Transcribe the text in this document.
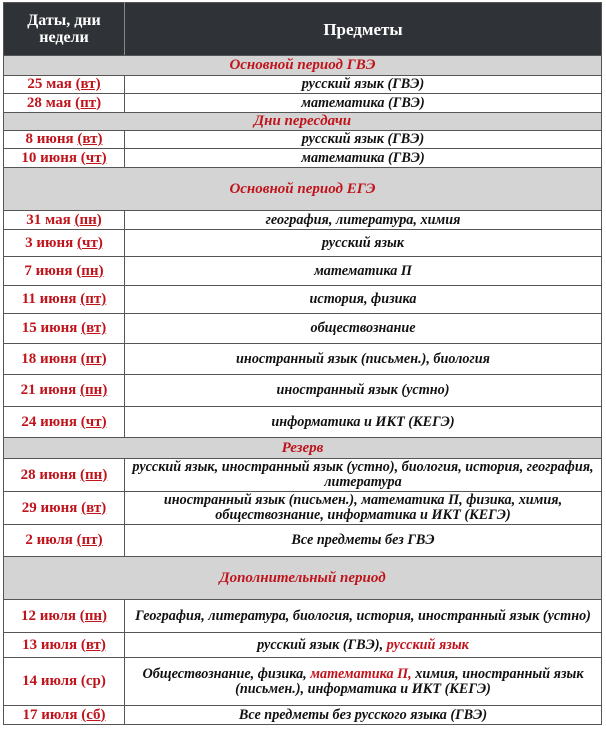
Даты, дни недели	Предметы
Основной период ГВЭ	
25 мая (вт)	русский язык (ГВЭ)
28 мая (пт)	математика (ГВЭ)
Дни пересдачи	
8 июня (вт)	русский язык (ГВЭ)
10 июня (чт)	математика (ГВЭ)
Основной период ЕГЭ	
31 мая (пн)	география, литература, химия
3 июня (чт)	русский язык
7 июня (пн)	математика П
11 июня (пт)	история, физика
15 июня (вт)	обществознание
18 июня (пт)	иностранный язык (письмен.), биология
21 июня (пн)	иностранный язык (устно)
24 июня (чт)	информатика и ИКТ (КЕГЭ)
Резерв	
28 июня (пн)	русский язык, иностранный язык (устно), биология, история, география, литература
29 июня (вт)	иностранный язык (письмен.), математика П, физика, химия, обществознание, информатика и ИКТ (КЕГЭ)
2 июля (пт)	Все предметы без ГВЭ
Дополнительный период	
12 июля (пн)	География, литература, биология, история, иностранный язык (устно)
13 июля (вт)	русский язык (ГВЭ), русский язык
14 июля (ср)	Обществознание, физика, математика П, химия, иностранный язык (письмен.), информатика и ИКТ (КЕГЭ)
17 июля (сб)	Все предметы без русского языка (ГВЭ)
